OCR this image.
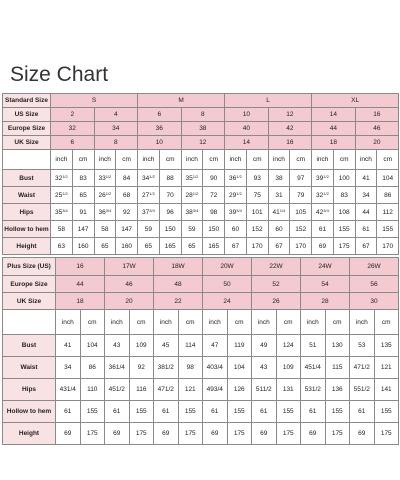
Size Chart
Standard Size	S				M				L				XL			
US Size	2		4		6		8		10		12		14		16	
Europe Size	32		34		36		38		40		42		44		46	
UK Size	6		8		10		12		14		16		18		20	
	inch	cm	inch	cm	inch	cm	inch	cm	inch	cm	inch	cm	inch	cm	inch	cm
Bust	$32^{1/2}$	83	$33^{1/2}$	84	$34^{1/2}$	88	$35^{1/2}$	90	$36^{1/2}$	93	38	97	$39^{1/2}$	100	41	104
Waist	$25^{1/2}$	65	$26^{1/2}$	68	$27^{1/2}$	70	$28^{1/2}$	72	$29^{1/2}$	75	31	79	$32^{1/2}$	83	34	86
Hips	$35^{3/4}$	91	$36^{3/4}$	92	$37^{3/4}$	96	$38^{3/4}$	98	$39^{3/4}$	101	$41^{1/4}$	105	$42^{3/4}$	108	44	112
Hollow to hem	58	147	58	147	59	150	59	150	60	152	60	152	61	155	61	155
Height	63	160	65	160	65	165	65	165	67	170	67	170	69	175	67	170
Plus Size (US)	16		17W		18W		20W		22W		24W		26W	
Europe Size	44		46		48		50		52		54		56	
UK Size	18		20		22		24		26		28		30	
	inch	cm	inch	cm	inch	cm	inch	cm	inch	cm	inch	cm	inch	cm
Bust	41	104	43	109	45	114	47	119	49	124	51	130	53	135
Waist	34	86	361/4	92	381/2	98	403/4	104	43	109	451/4	115	471/2	121
Hips	431/4	110	451/2	116	471/2	121	493/4	126	511/2	131	531/2	136	551/2	141
Hollow to hem	61	155	61	155	61	155	61	155	61	155	61	155	61	155
Height	69	175	69	175	69	175	69	175	69	175	69	175	69	175
